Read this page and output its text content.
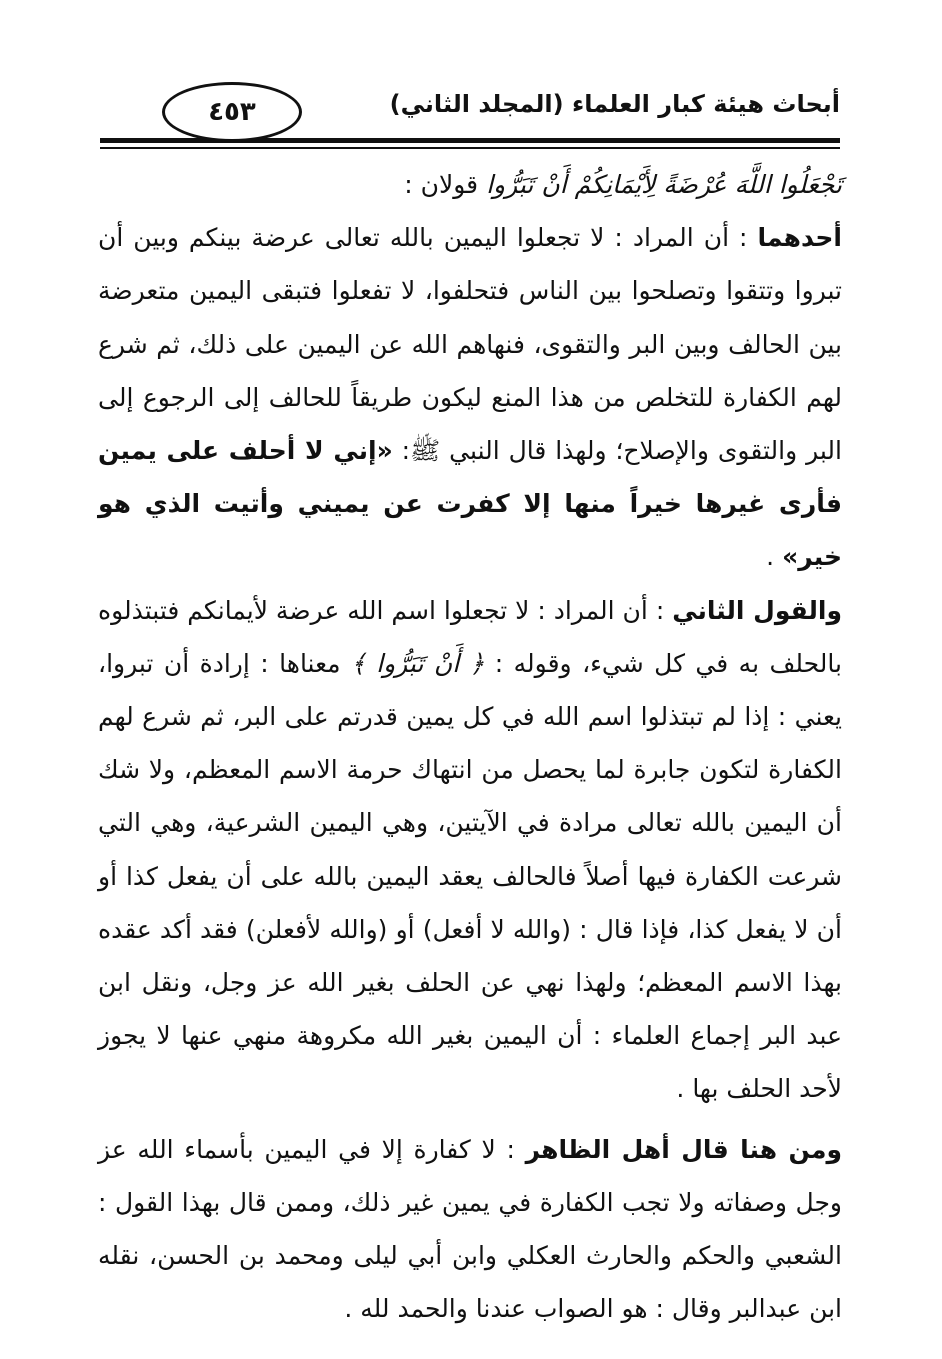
٤٥٣	أبحاث هيئة كبار العلماء (المجلد الثاني)

تَجْعَلُوا اللَّهَ عُرْضَةً لِأَيْمَانِكُمْ أَنْ تَبَرُّوا قولان :

أحدهما : أن المراد : لا تجعلوا اليمين بالله تعالى عرضة بينكم وبين أن تبروا وتتقوا وتصلحوا بين الناس فتحلفوا، لا تفعلوا فتبقى اليمين متعرضة بين الحالف وبين البر والتقوى، فنهاهم الله عن اليمين على ذلك، ثم شرع لهم الكفارة للتخلص من هذا المنع ليكون طريقاً للحالف إلى الرجوع إلى البر والتقوى والإصلاح؛ ولهذا قال النبي ﷺ: «إني لا أحلف على يمين فأرى غيرها خيراً منها إلا كفرت عن يميني وأتيت الذي هو خير» .

والقول الثاني : أن المراد : لا تجعلوا اسم الله عرضة لأيمانكم فتبتذلوه بالحلف به في كل شيء، وقوله : ﴿ أَنْ تَبَرُّوا ﴾ معناها : إرادة أن تبروا، يعني : إذا لم تبتذلوا اسم الله في كل يمين قدرتم على البر، ثم شرع لهم الكفارة لتكون جابرة لما يحصل من انتهاك حرمة الاسم المعظم، ولا شك أن اليمين بالله تعالى مرادة في الآيتين، وهي اليمين الشرعية، وهي التي شرعت الكفارة فيها أصلاً فالحالف يعقد اليمين بالله على أن يفعل كذا أو أن لا يفعل كذا، فإذا قال : (والله لا أفعل) أو (والله لأفعلن) فقد أكد عقده بهذا الاسم المعظم؛ ولهذا نهي عن الحلف بغير الله عز وجل، ونقل ابن عبد البر إجماع العلماء : أن اليمين بغير الله مكروهة منهي عنها لا يجوز لأحد الحلف بها .

ومن هنا قال أهل الظاهر : لا كفارة إلا في اليمين بأسماء الله عز وجل وصفاته ولا تجب الكفارة في يمين غير ذلك، وممن قال بهذا القول : الشعبي والحكم والحارث العكلي وابن أبي ليلى ومحمد بن الحسن، نقله ابن عبدالبر وقال : هو الصواب عندنا والحمد لله .
